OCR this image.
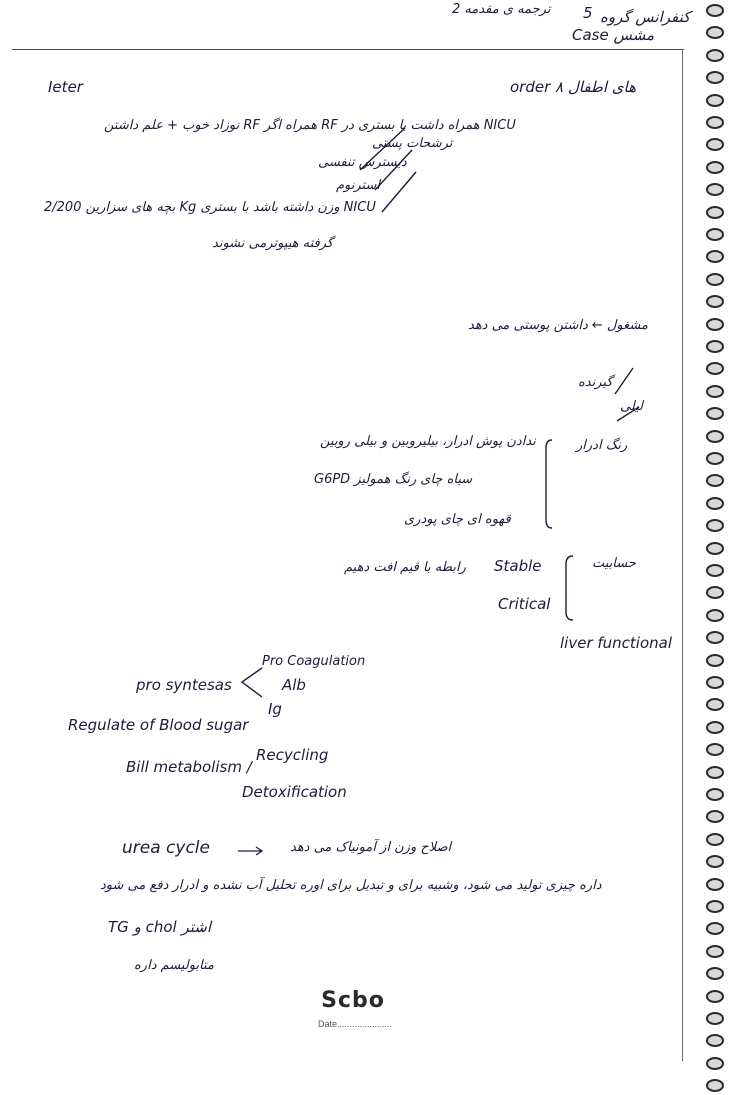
ترجمه ی مقدمه 2 5 کنفرانس گروه
Case مشس
Ieter	order های اطفال ۸
نوزاد خوب + علم داشتن RF همراه اگر RF همراه داشت با بستری در NICU
ترشحات پستی
دیسترس تنفسی
استرنوم
بچه های سزارین 2/200 Kg وزن داشته باشد با بستری NICU
گرفته هیپوترمی نشوند
مشغول ← داشتن پوستی می دهد
گیرنده
لیلی
رنگ ادرار
ندادن پوش ادرار، بیلیروبین و بیلی روبین
G6PD سیاه چای رنگ همولیز
قهوه ای چای پودری
حسابیت
Stable
رابطه با قیم افت دهیم
Critical
liver functional
Pro Coagulation
pro syntesas	Alb
Ig
Regulate of Blood sugar
Bill metabolism /
Recycling
Detoxification
urea cycle	اصلاح وزن از آمونیاک می دهد
داره چیزی تولید می شود، وشبیه برای و تبدیل برای اوره تحلیل آب نشده و ادرار دفع می شود
TG و chol اشتر
متابولیسم داره
Scbo
Date......................
